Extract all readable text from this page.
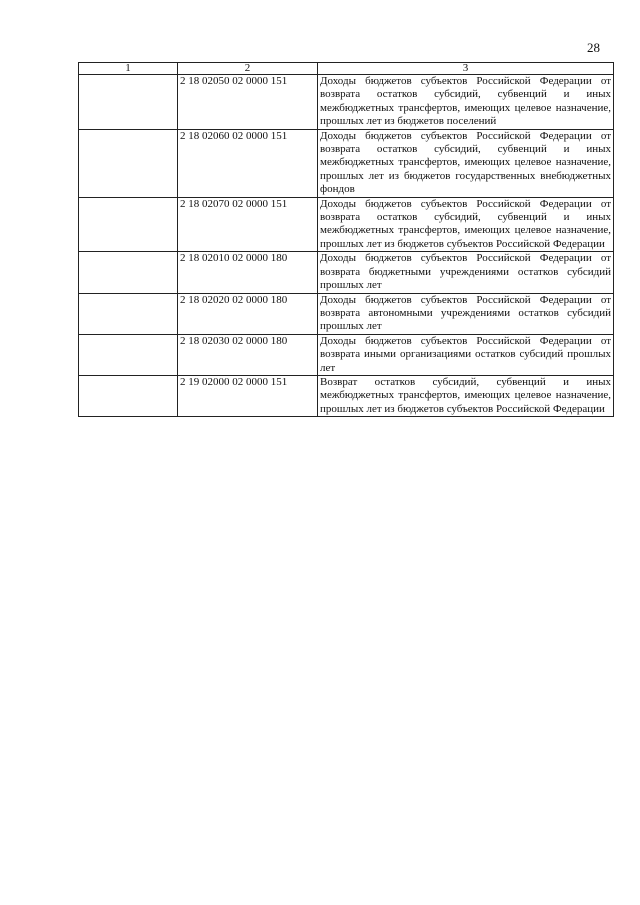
28
1	2	3
	2 18 02050 02 0000 151	Доходы бюджетов субъектов Российской Федерации от возврата остатков субсидий, субвенций и иных межбюджетных трансфертов, имеющих целевое назначение, прошлых лет из бюджетов поселений
	2 18 02060 02 0000 151	Доходы бюджетов субъектов Российской Федерации от возврата остатков субсидий, субвенций и иных межбюджетных трансфертов, имеющих целевое назначение, прошлых лет из бюджетов государственных внебюджетных фондов
	2 18 02070 02 0000 151	Доходы бюджетов субъектов Российской Федерации от возврата остатков субсидий, субвенций и иных межбюджетных трансфертов, имеющих целевое назначение, прошлых лет из бюджетов субъектов Российской Федерации
	2 18 02010 02 0000 180	Доходы бюджетов субъектов Российской Федерации от возврата бюджетными учреждениями остатков субсидий прошлых лет
	2 18 02020 02 0000 180	Доходы бюджетов субъектов Российской Федерации от возврата автономными учреждениями остатков субсидий прошлых лет
	2 18 02030 02 0000 180	Доходы бюджетов субъектов Российской Федерации от возврата иными организациями остатков субсидий прошлых лет
	2 19 02000 02 0000 151	Возврат остатков субсидий, субвенций и иных межбюджетных трансфертов, имеющих целевое назначение, прошлых лет из бюджетов субъектов Российской Федерации
